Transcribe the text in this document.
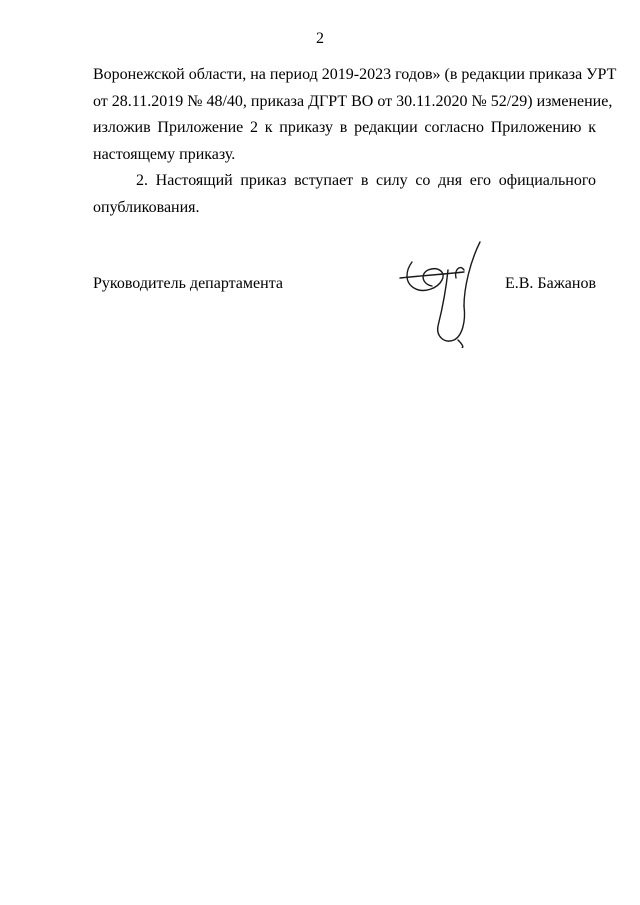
2
Воронежской области, на период 2019-2023 годов» (в редакции приказа УРТ
от 28.11.2019 № 48/40, приказа ДГРТ ВО от 30.11.2020 № 52/29) изменение,
изложив Приложение 2 к приказу в редакции согласно Приложению к
настоящему приказу.
2. Настоящий приказ вступает в силу со дня его официального
опубликования.
Руководитель департамента	Е.В. Бажанов
